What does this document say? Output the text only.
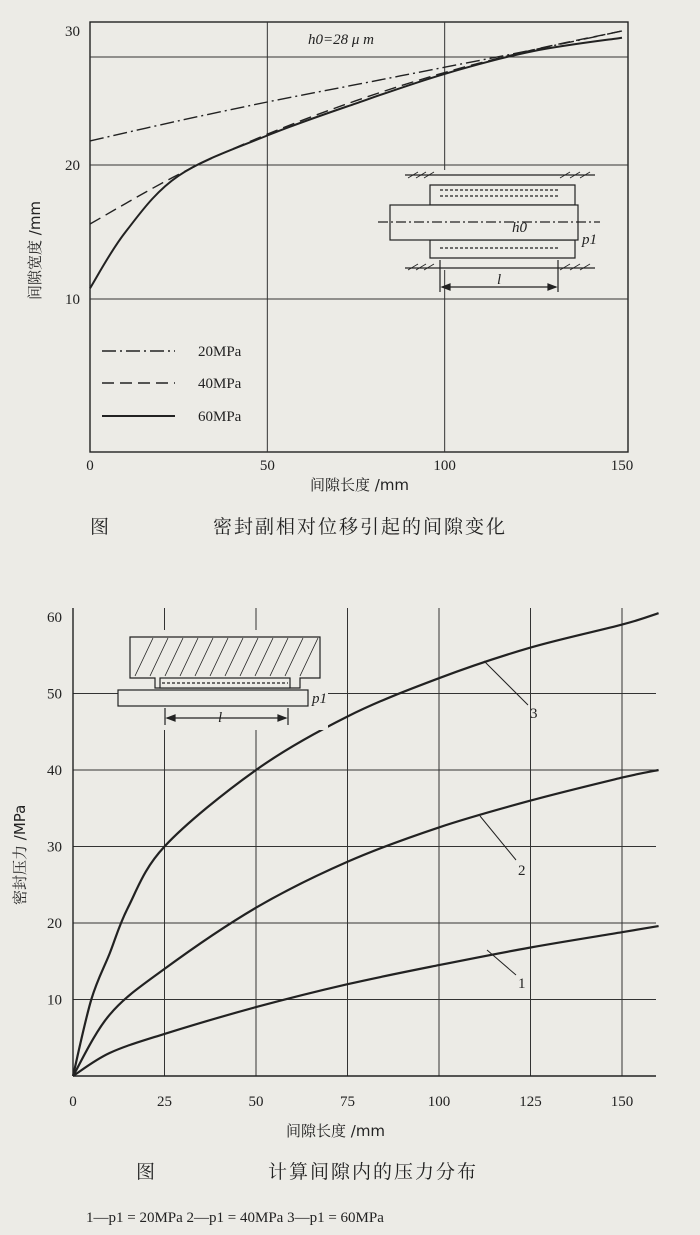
0	50	100	150
10
20
30	h0=28 μ m
20MPa
40MPa
60MPa
h0
p1
l
间隙长度 /mm
间隙宽度 /mm
图	密封副相对位移引起的间隙变化
0	25	50	75	100	125	150
10
20
30
40
50
60
p1
l	3
2
1
间隙长度 /mm
密封压力 /MPa
图	计算间隙内的压力分布
1—p1 = 20MPa 2—p1 = 40MPa 3—p1 = 60MPa
